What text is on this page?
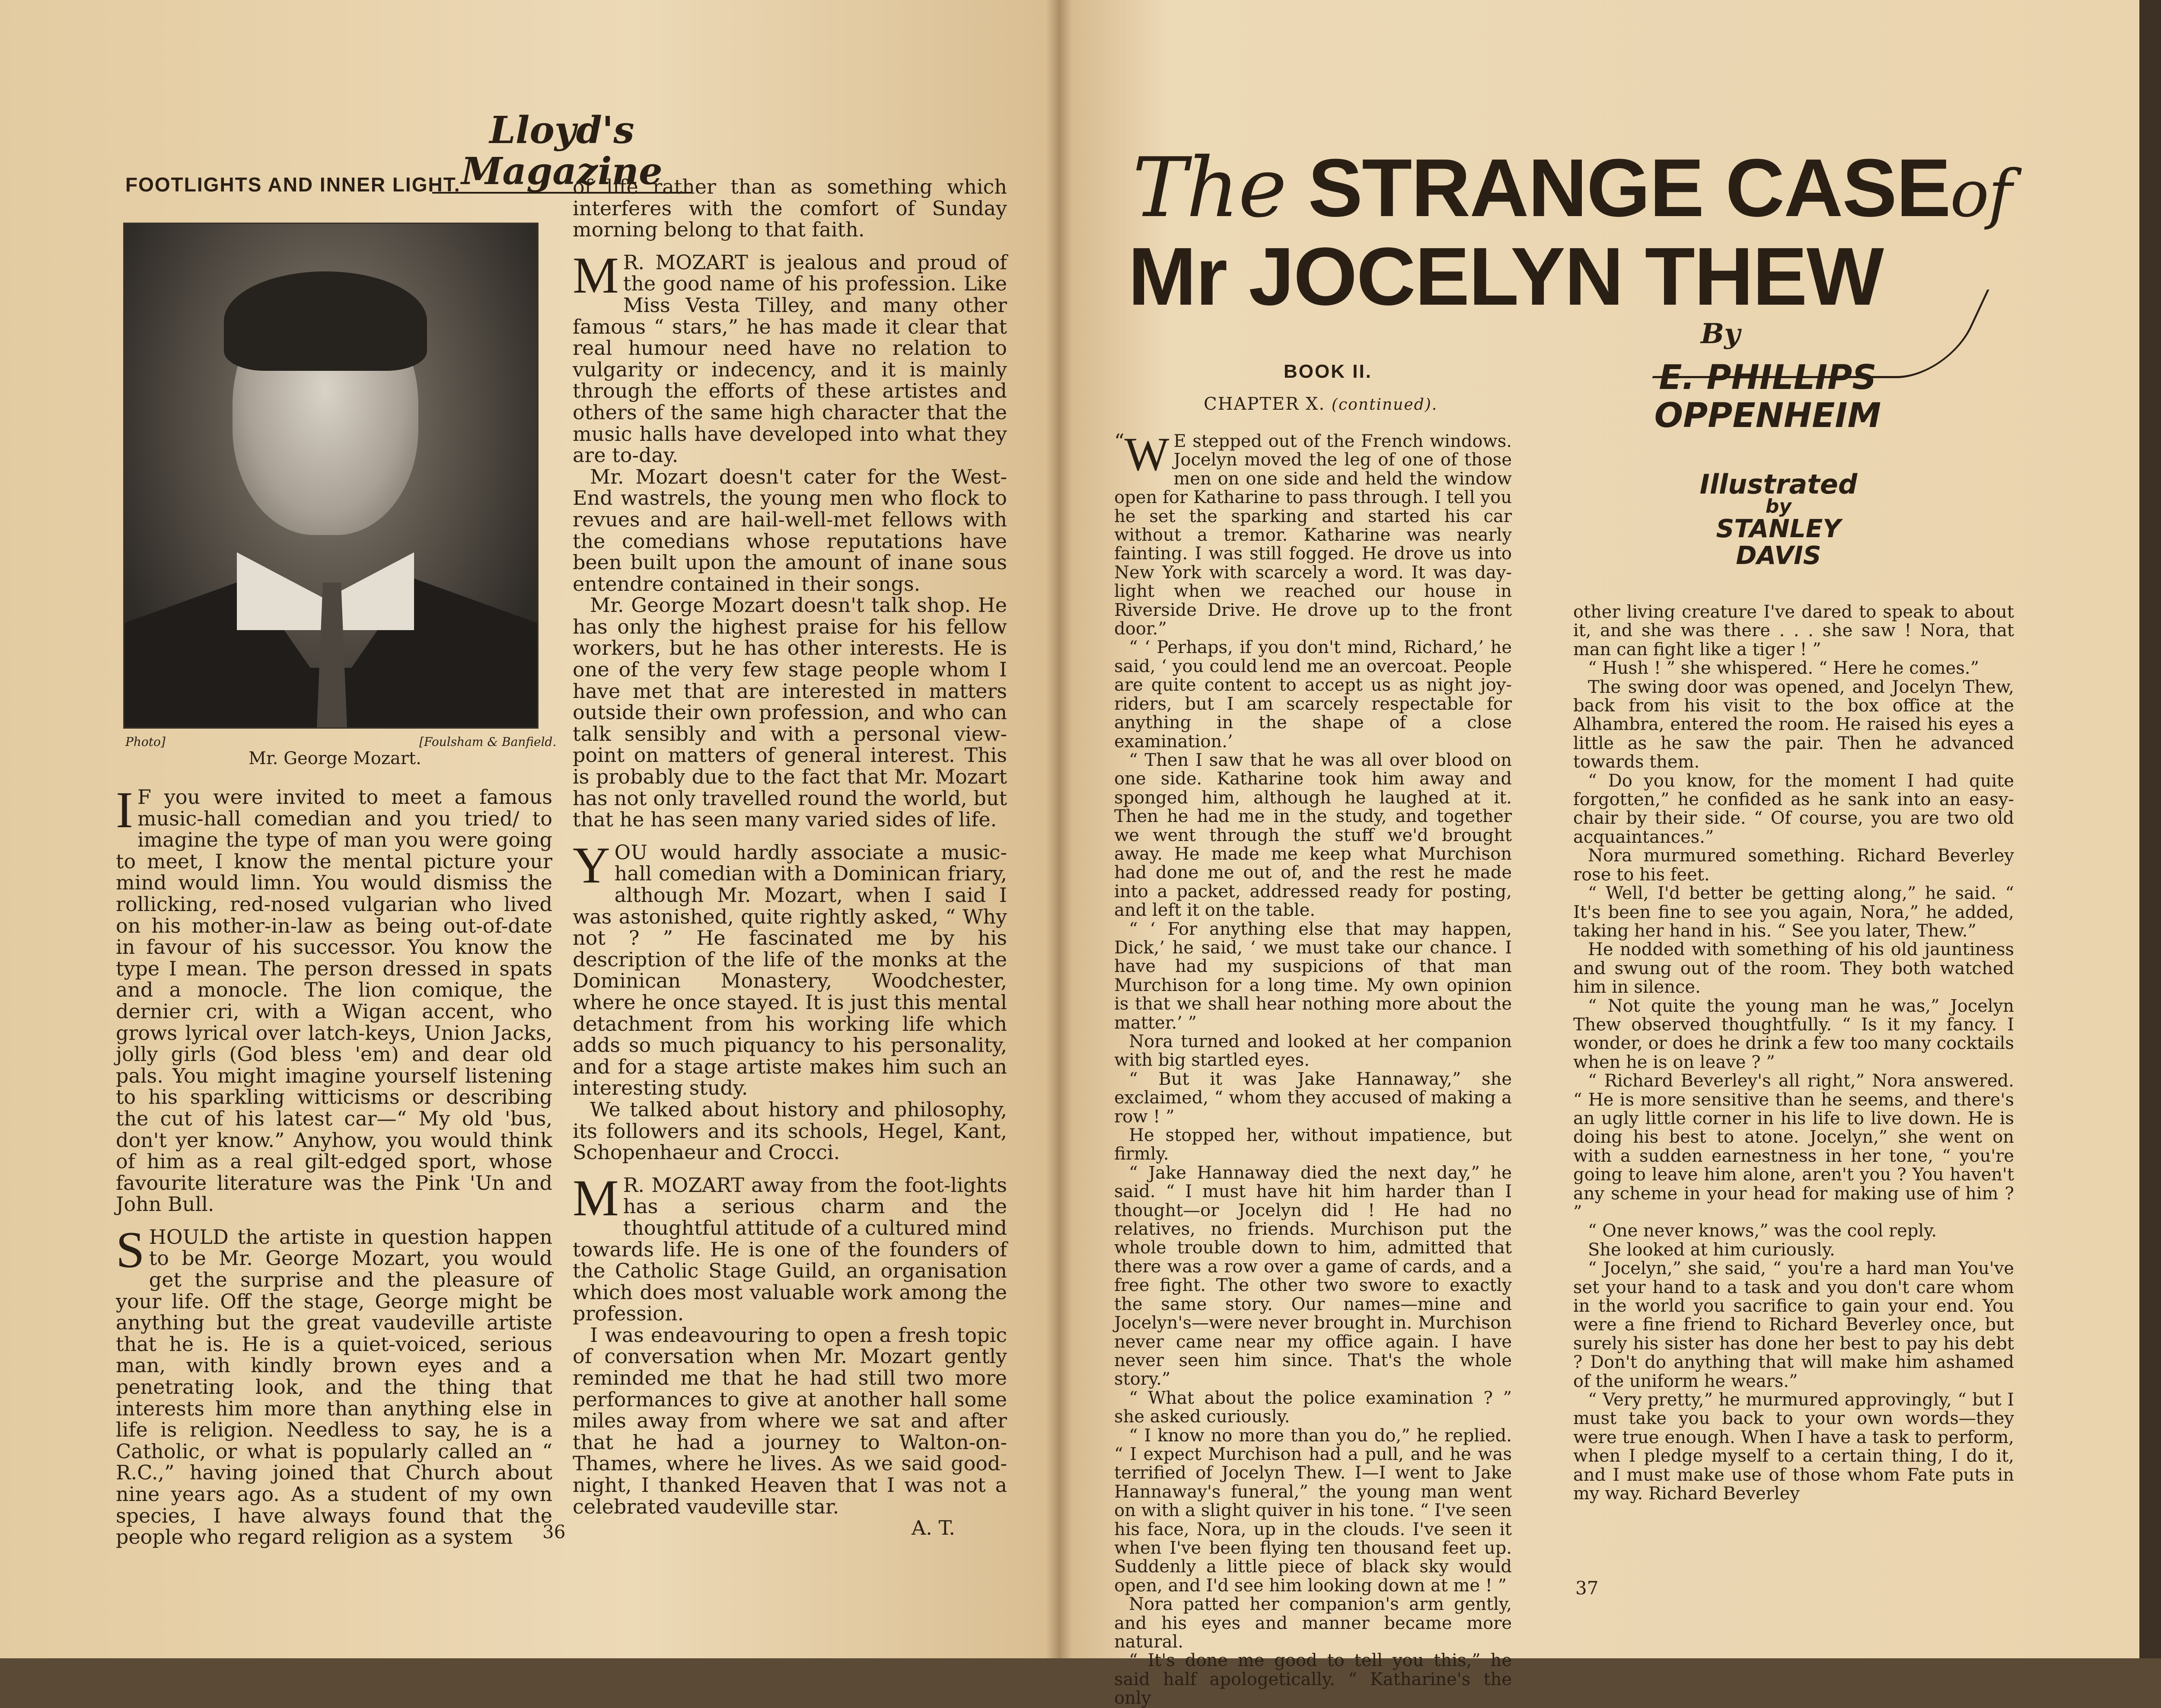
Lloyd's Magazine
FOOTLIGHTS AND INNER LIGHT.
Photo]	[Foulsham & Banfield.
Mr. George Mozart.

I F you were invited to meet a famous music-hall comedian and you tried/ to imagine the type of man you were going to meet, I know the mental picture your mind would limn. You would dismiss the rollicking, red-nosed vulgarian who lived on his mother-in-law as being out-of-date in favour of his successor. You know the type I mean. The person dressed in spats and a monocle. The lion comique, the dernier cri, with a Wigan accent, who grows lyrical over latch-keys, Union Jacks, jolly girls (God bless 'em) and dear old pals. You might imagine yourself listening to his sparkling witticisms or describing the cut of his latest car—“ My old 'bus, don't yer know.” Anyhow, you would think of him as a real gilt-edged sport, whose favourite literature was the Pink 'Un and John Bull.

SHOULD the artiste in question happen to be Mr. George Mozart, you would get the surprise and the pleasure of your life. Off the stage, George might be anything but the great vaudeville artiste that he is. He is a quiet-voiced, serious man, with kindly brown eyes and a penetrating look, and the thing that interests him more than anything else in life is religion. Needless to say, he is a Catholic, or what is popularly called an “ R.C.,” having joined that Church about nine years ago. As a student of my own species, I have always found that the people who regard religion as a system

of life rather than as something which interferes with the comfort of Sunday morning belong to that faith.

M R. MOZART is jealous and proud of the good name of his profession. Like Miss Vesta Tilley, and many other famous “ stars,” he has made it clear that real humour need have no relation to vulgarity or indecency, and it is mainly through the efforts of these artistes and others of the same high character that the music halls have developed into what they are to-day.

Mr. Mozart doesn't cater for the West-End wastrels, the young men who flock to revues and are hail-well-met fellows with the comedians whose reputations have been built upon the amount of inane sous entendre contained in their songs.

Mr. George Mozart doesn't talk shop. He has only the highest praise for his fellow workers, but he has other interests. He is one of the very few stage people whom I have met that are interested in matters outside their own profession, and who can talk sensibly and with a personal view-point on matters of general interest. This is probably due to the fact that Mr. Mozart has not only travelled round the world, but that he has seen many varied sides of life.

YOU would hardly associate a music-hall comedian with a Dominican friary, although Mr. Mozart, when I said I was astonished, quite rightly asked, “ Why not ? ” He fascinated me by his description of the life of the monks at the Dominican Monastery, Woodchester, where he once stayed. It is just this mental detachment from his working life which adds so much piquancy to his personality, and for a stage artiste makes him such an interesting study.

We talked about history and philosophy, its followers and its schools, Hegel, Kant, Schopenhaeur and Crocci.

M R. MOZART away from the foot-lights has a serious charm and the thoughtful attitude of a cultured mind towards life. He is one of the founders of the Catholic Stage Guild, an organisation which does most valuable work among the profession.

I was endeavouring to open a fresh topic of conversation when Mr. Mozart gently reminded me that he had still two more performances to give at another hall some miles away from where we sat and after that he had a journey to Walton-on-Thames, where he lives. As we said good-night, I thanked Heaven that I was not a celebrated vaudeville star.

A. T.

36
The STRANGE CASEof
Mr JOCELYN THEW
By
E. PHILLIPS
OPPENHEIM
Illustrated
by
STANLEY
DAVIS
BOOK II.
CHAPTER X. (continued).

“ W E stepped out of the French windows. Jocelyn moved the leg of one of those men on one side and held the window open for Katharine to pass through. I tell you he set the sparking and started his car without a tremor. Katharine was nearly fainting. I was still fogged. He drove us into New York with scarcely a word. It was day-light when we reached our house in Riverside Drive. He drove up to the front door.”

“ ‘ Perhaps, if you don't mind, Richard,’ he said, ‘ you could lend me an overcoat. People are quite content to accept us as night joy-riders, but I am scarcely respectable for anything in the shape of a close examination.’

“ Then I saw that he was all over blood on one side. Katharine took him away and sponged him, although he laughed at it. Then he had me in the study, and together we went through the stuff we'd brought away. He made me keep what Murchison had done me out of, and the rest he made into a packet, addressed ready for posting, and left it on the table.

“ ‘ For anything else that may happen, Dick,’ he said, ‘ we must take our chance. I have had my suspicions of that man Murchison for a long time. My own opinion is that we shall hear nothing more about the matter.’ ”

Nora turned and looked at her companion with big startled eyes.

“ But it was Jake Hannaway,” she exclaimed, “ whom they accused of making a row ! ”

He stopped her, without impatience, but firmly.

“ Jake Hannaway died the next day,” he said. “ I must have hit him harder than I thought—or Jocelyn did ! He had no relatives, no friends. Murchison put the whole trouble down to him, admitted that there was a row over a game of cards, and a free fight. The other two swore to exactly the same story. Our names—mine and Jocelyn's—were never brought in. Murchison never came near my office again. I have never seen him since. That's the whole story.”

“ What about the police examination ? ” she asked curiously.

“ I know no more than you do,” he replied. “ I expect Murchison had a pull, and he was terrified of Jocelyn Thew. I—I went to Jake Hannaway's funeral,” the young man went on with a slight quiver in his tone. “ I've seen his face, Nora, up in the clouds. I've seen it when I've been flying ten thousand feet up. Suddenly a little piece of black sky would open, and I'd see him looking down at me ! ”

Nora patted her companion's arm gently, and his eyes and manner became more natural.

“ It's done me good to tell you this,” he said half apologetically. “ Katharine's the only

other living creature I've dared to speak to about it, and she was there . . . she saw ! Nora, that man can fight like a tiger ! ”

“ Hush ! ” she whispered. “ Here he comes.”

The swing door was opened, and Jocelyn Thew, back from his visit to the box office at the Alhambra, entered the room. He raised his eyes a little as he saw the pair. Then he advanced towards them.

“ Do you know, for the moment I had quite forgotten,” he confided as he sank into an easy-chair by their side. “ Of course, you are two old acquaintances.”

Nora murmured something. Richard Beverley rose to his feet.

“ Well, I'd better be getting along,” he said. “ It's been fine to see you again, Nora,” he added, taking her hand in his. “ See you later, Thew.”

He nodded with something of his old jauntiness and swung out of the room. They both watched him in silence.

“ Not quite the young man he was,” Jocelyn Thew observed thoughtfully. “ Is it my fancy. I wonder, or does he drink a few too many cocktails when he is on leave ? ”

“ Richard Beverley's all right,” Nora answered. “ He is more sensitive than he seems, and there's an ugly little corner in his life to live down. He is doing his best to atone. Jocelyn,” she went on with a sudden earnestness in her tone, “ you're going to leave him alone, aren't you ? You haven't any scheme in your head for making use of him ? ”

“ One never knows,” was the cool reply.

She looked at him curiously.

“ Jocelyn,” she said, “ you're a hard man You've set your hand to a task and you don't care whom in the world you sacrifice to gain your end. You were a fine friend to Richard Beverley once, but surely his sister has done her best to pay his debt ? Don't do anything that will make him ashamed of the uniform he wears.”

“ Very pretty,” he murmured approvingly, “ but I must take you back to your own words—they were true enough. When I have a task to perform, when I pledge myself to a certain thing, I do it, and I must make use of those whom Fate puts in my way. Richard Beverley

37
